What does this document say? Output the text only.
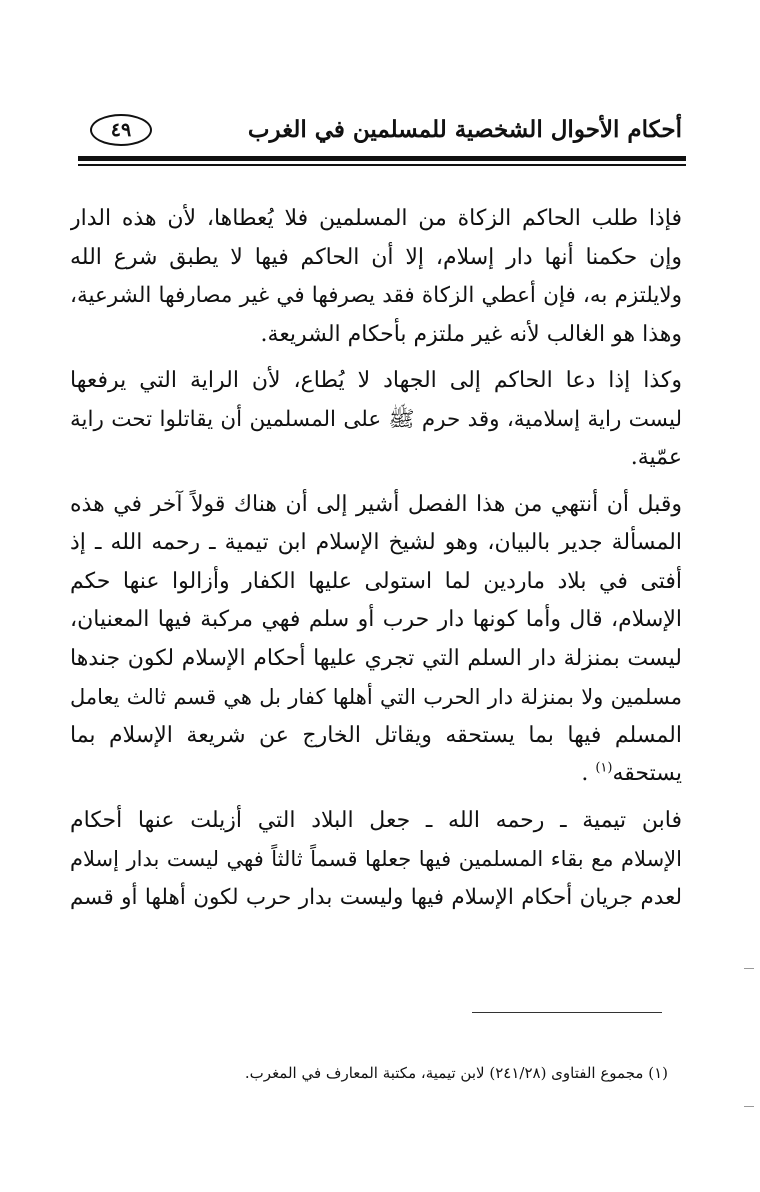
أحكام الأحوال الشخصية للمسلمين في الغرب
٤٩
فإذا طلب الحاكم الزكاة من المسلمين فلا يُعطاها، لأن هذه الدار
وإن حكمنا أنها دار إسلام، إلا أن الحاكم فيها لا يطبق شرع الله
ولايلتزم به، فإن أعطي الزكاة فقد يصرفها في غير مصارفها الشرعية،
وهذا هو الغالب لأنه غير ملتزم بأحكام الشريعة.
وكذا إذا دعا الحاكم إلى الجهاد لا يُطاع، لأن الراية التي يرفعها
ليست راية إسلامية، وقد حرم ﷺ على المسلمين أن يقاتلوا تحت راية
عمّية.
وقبل أن أنتهي من هذا الفصل أشير إلى أن هناك قولاً آخر في هذه
المسألة جدير بالبيان، وهو لشيخ الإسلام ابن تيمية ـ رحمه الله ـ إذ
أفتى في بلاد ماردين لما استولى عليها الكفار وأزالوا عنها حكم
الإسلام، قال وأما كونها دار حرب أو سلم فهي مركبة فيها المعنيان،
ليست بمنزلة دار السلم التي تجري عليها أحكام الإسلام لكون جندها
مسلمين ولا بمنزلة دار الحرب التي أهلها كفار بل هي قسم ثالث يعامل
المسلم فيها بما يستحقه ويقاتل الخارج عن شريعة الإسلام بما
يستحقه$^{(١)}$ .
فابن تيمية ـ رحمه الله ـ جعل البلاد التي أزيلت عنها أحكام
الإسلام مع بقاء المسلمين فيها جعلها قسماً ثالثاً فهي ليست بدار إسلام
لعدم جريان أحكام الإسلام فيها وليست بدار حرب لكون أهلها أو قسم
(١) مجموع الفتاوى (٢٤١/٢٨) لابن تيمية، مكتبة المعارف في المغرب.
